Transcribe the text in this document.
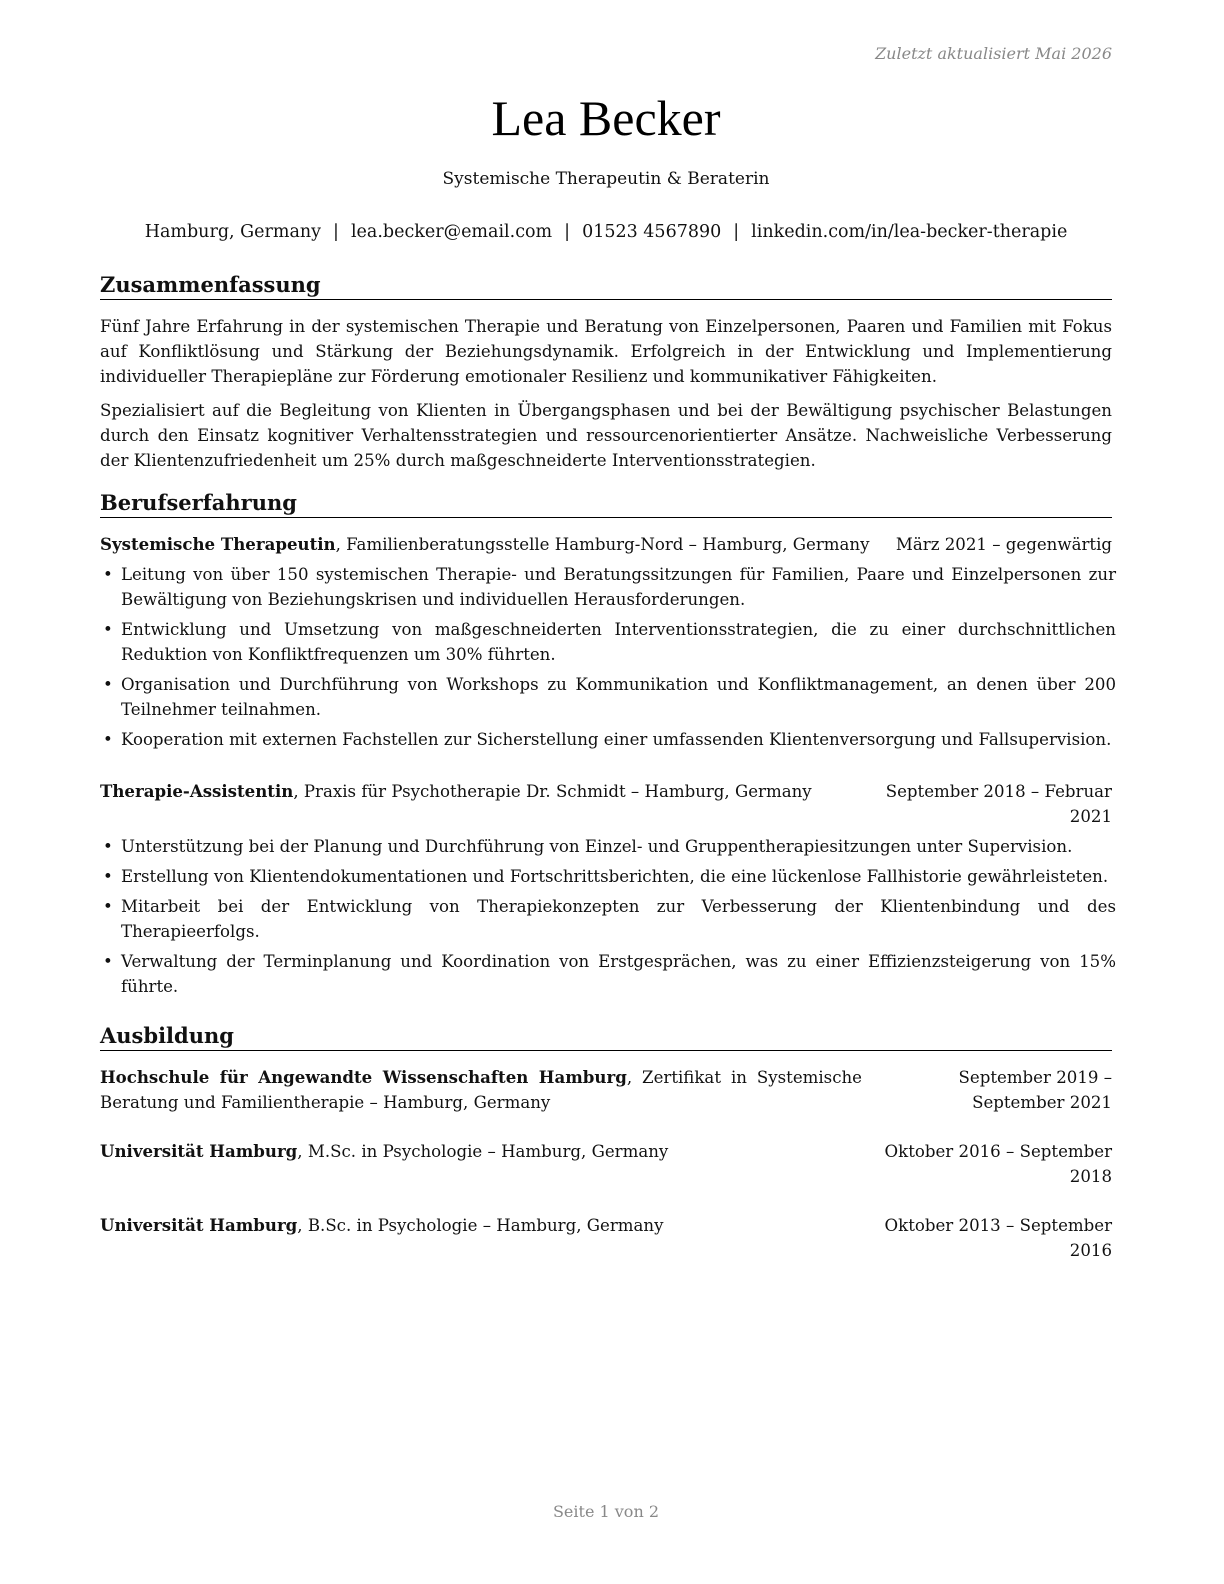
Zuletzt aktualisiert Mai 2026
Lea Becker
Systemische Therapeutin & Beraterin
Hamburg, Germany | lea.becker@email.com | 01523 4567890 | linkedin.com/in/lea-becker-therapie
Zusammenfassung
Fünf Jahre Erfahrung in der systemischen Therapie und Beratung von Einzelpersonen, Paaren und Familien mit Fokus auf Konfliktlösung und Stärkung der Beziehungsdynamik. Erfolgreich in der Entwicklung und Implementierung individueller Therapiepläne zur Förderung emotionaler Resilienz und kommunikativer Fähigkeiten.
Spezialisiert auf die Begleitung von Klienten in Übergangsphasen und bei der Bewältigung psychischer Belastungen durch den Einsatz kognitiver Verhaltensstrategien und ressourcenorientierter Ansätze. Nachweisliche Verbesserung der Klientenzufriedenheit um 25% durch maßgeschneiderte Interventionsstrategien.
Berufserfahrung
Systemische Therapeutin, Familienberatungsstelle Hamburg-Nord – Hamburg, Germany	März 2021 – gegenwärtig
• Leitung von über 150 systemischen Therapie- und Beratungssitzungen für Familien, Paare und Einzelpersonen zur Bewältigung von Beziehungskrisen und individuellen Herausforderungen.
• Entwicklung und Umsetzung von maßgeschneiderten Interventionsstrategien, die zu einer durchschnittlichen Reduktion von Konfliktfrequenzen um 30% führten.
• Organisation und Durchführung von Workshops zu Kommunikation und Konfliktmanagement, an denen über 200 Teilnehmer teilnahmen.
• Kooperation mit externen Fachstellen zur Sicherstellung einer umfassenden Klientenversorgung und Fallsupervision.
Therapie-Assistentin, Praxis für Psychotherapie Dr. Schmidt – Hamburg, Germany	September 2018 – Februar 2021
• Unterstützung bei der Planung und Durchführung von Einzel- und Gruppentherapiesitzungen unter Supervision.
• Erstellung von Klientendokumentationen und Fortschrittsberichten, die eine lückenlose Fallhistorie gewährleisteten.
• Mitarbeit bei der Entwicklung von Therapiekonzepten zur Verbesserung der Klientenbindung und des Therapieerfolgs.
• Verwaltung der Terminplanung und Koordination von Erstgesprächen, was zu einer Effizienzsteigerung von 15% führte.
Ausbildung
Hochschule für Angewandte Wissenschaften Hamburg, Zertifikat in Systemische Beratung und Familientherapie – Hamburg, Germany
September 2019 – September 2021
Universität Hamburg, M.Sc. in Psychologie – Hamburg, Germany	Oktober 2016 – September 2018
Universität Hamburg, B.Sc. in Psychologie – Hamburg, Germany	Oktober 2013 – September 2016
Seite 1 von 2
